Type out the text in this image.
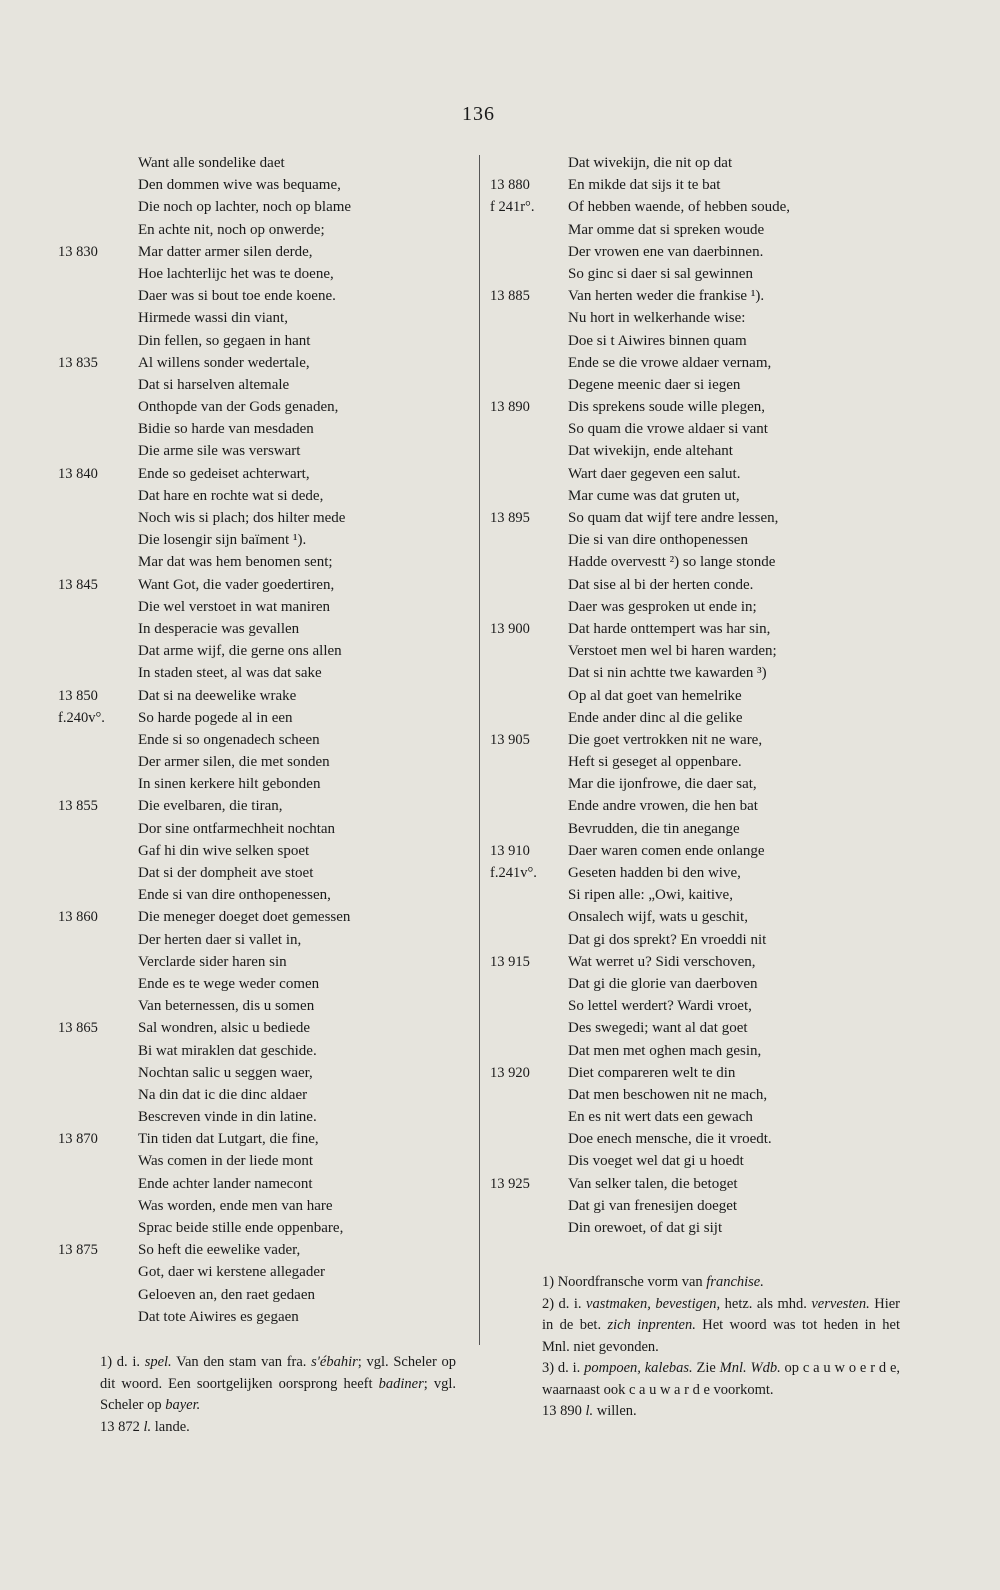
136
Want alle sondelike daet
Den dommen wive was bequame,
Die noch op lachter, noch op blame
En achte nit, noch op onwerde;
13 830	Mar datter armer silen derde,
Hoe lachterlijc het was te doene,
Daer was si bout toe ende koene.
Hirmede wassi din viant,
Din fellen, so gegaen in hant
13 835	Al willens sonder wedertale,
Dat si harselven altemale
Onthopde van der Gods genaden,
Bidie so harde van mesdaden
Die arme sile was verswart
13 840	Ende so gedeiset achterwart,
Dat hare en rochte wat si dede,
Noch wis si plach; dos hilter mede
Die losengir sijn baïment ¹).
Mar dat was hem benomen sent;
13 845	Want Got, die vader goedertiren,
Die wel verstoet in wat maniren
In desperacie was gevallen
Dat arme wijf, die gerne ons allen
In staden steet, al was dat sake
13 850	Dat si na deewelike wrake
f.240v°.	So harde pogede al in een
Ende si so ongenadech scheen
Der armer silen, die met sonden
In sinen kerkere hilt gebonden
13 855	Die evelbaren, die tiran,
Dor sine ontfarmechheit nochtan
Gaf hi din wive selken spoet
Dat si der dompheit ave stoet
Ende si van dire onthopenessen,
13 860	Die meneger doeget doet gemessen
Der herten daer si vallet in,
Verclarde sider haren sin
Ende es te wege weder comen
Van beternessen, dis u somen
13 865	Sal wondren, alsic u bediede
Bi wat miraklen dat geschide.
Nochtan salic u seggen waer,
Na din dat ic die dinc aldaer
Bescreven vinde in din latine.
13 870	Tin tiden dat Lutgart, die fine,
Was comen in der liede mont
Ende achter lander namecont
Was worden, ende men van hare
Sprac beide stille ende oppenbare,
13 875	So heft die eewelike vader,
Got, daer wi kerstene allegader
Geloeven an, den raet gedaen
Dat tote Aiwires es gegaen
Dat wivekijn, die nit op dat
13 880	En mikde dat sijs it te bat
f 241r°.	Of hebben waende, of hebben soude,
Mar omme dat si spreken woude
Der vrowen ene van daerbinnen.
So ginc si daer si sal gewinnen
13 885	Van herten weder die frankise ¹).
Nu hort in welkerhande wise:
Doe si t Aiwires binnen quam
Ende se die vrowe aldaer vernam,
Degene meenic daer si iegen
13 890	Dis sprekens soude wille plegen,
So quam die vrowe aldaer si vant
Dat wivekijn, ende altehant
Wart daer gegeven een salut.
Mar cume was dat gruten ut,
13 895	So quam dat wijf tere andre lessen,
Die si van dire onthopenessen
Hadde overvestt ²) so lange stonde
Dat sise al bi der herten conde.
Daer was gesproken ut ende in;
13 900	Dat harde onttempert was har sin,
Verstoet men wel bi haren warden;
Dat si nin achtte twe kawarden ³)
Op al dat goet van hemelrike
Ende ander dinc al die gelike
13 905	Die goet vertrokken nit ne ware,
Heft si geseget al oppenbare.
Mar die ijonfrowe, die daer sat,
Ende andre vrowen, die hen bat
Bevrudden, die tin anegange
13 910	Daer waren comen ende onlange
f.241v°.	Geseten hadden bi den wive,
Si ripen alle: „Owi, kaitive,
Onsalech wijf, wats u geschit,
Dat gi dos sprekt? En vroeddi nit
13 915	Wat werret u? Sidi verschoven,
Dat gi die glorie van daerboven
So lettel werdert? Wardi vroet,
Des swegedi; want al dat goet
Dat men met oghen mach gesin,
13 920	Diet compareren welt te din
Dat men beschowen nit ne mach,
En es nit wert dats een gewach
Doe enech mensche, die it vroedt.
Dis voeget wel dat gi u hoedt
13 925	Van selker talen, die betoget
Dat gi van frenesijen doeget
Din orewoet, of dat gi sijt

1) d. i. spel. Van den stam van fra. s'ébahir; vgl. Scheler op dit woord. Een soortgelijken oorsprong heeft badiner; vgl. Scheler op bayer.

13 872 l. lande.

1) Noordfransche vorm van franchise.

2) d. i. vastmaken, bevestigen, hetz. als mhd. vervesten. Hier in de bet. zich inprenten. Het woord was tot heden in het Mnl. niet gevonden.

3) d. i. pompoen, kalebas. Zie Mnl. Wdb. op c a u w o e r d e, waarnaast ook c a u w a r d e voorkomt.

13 890 l. willen.
